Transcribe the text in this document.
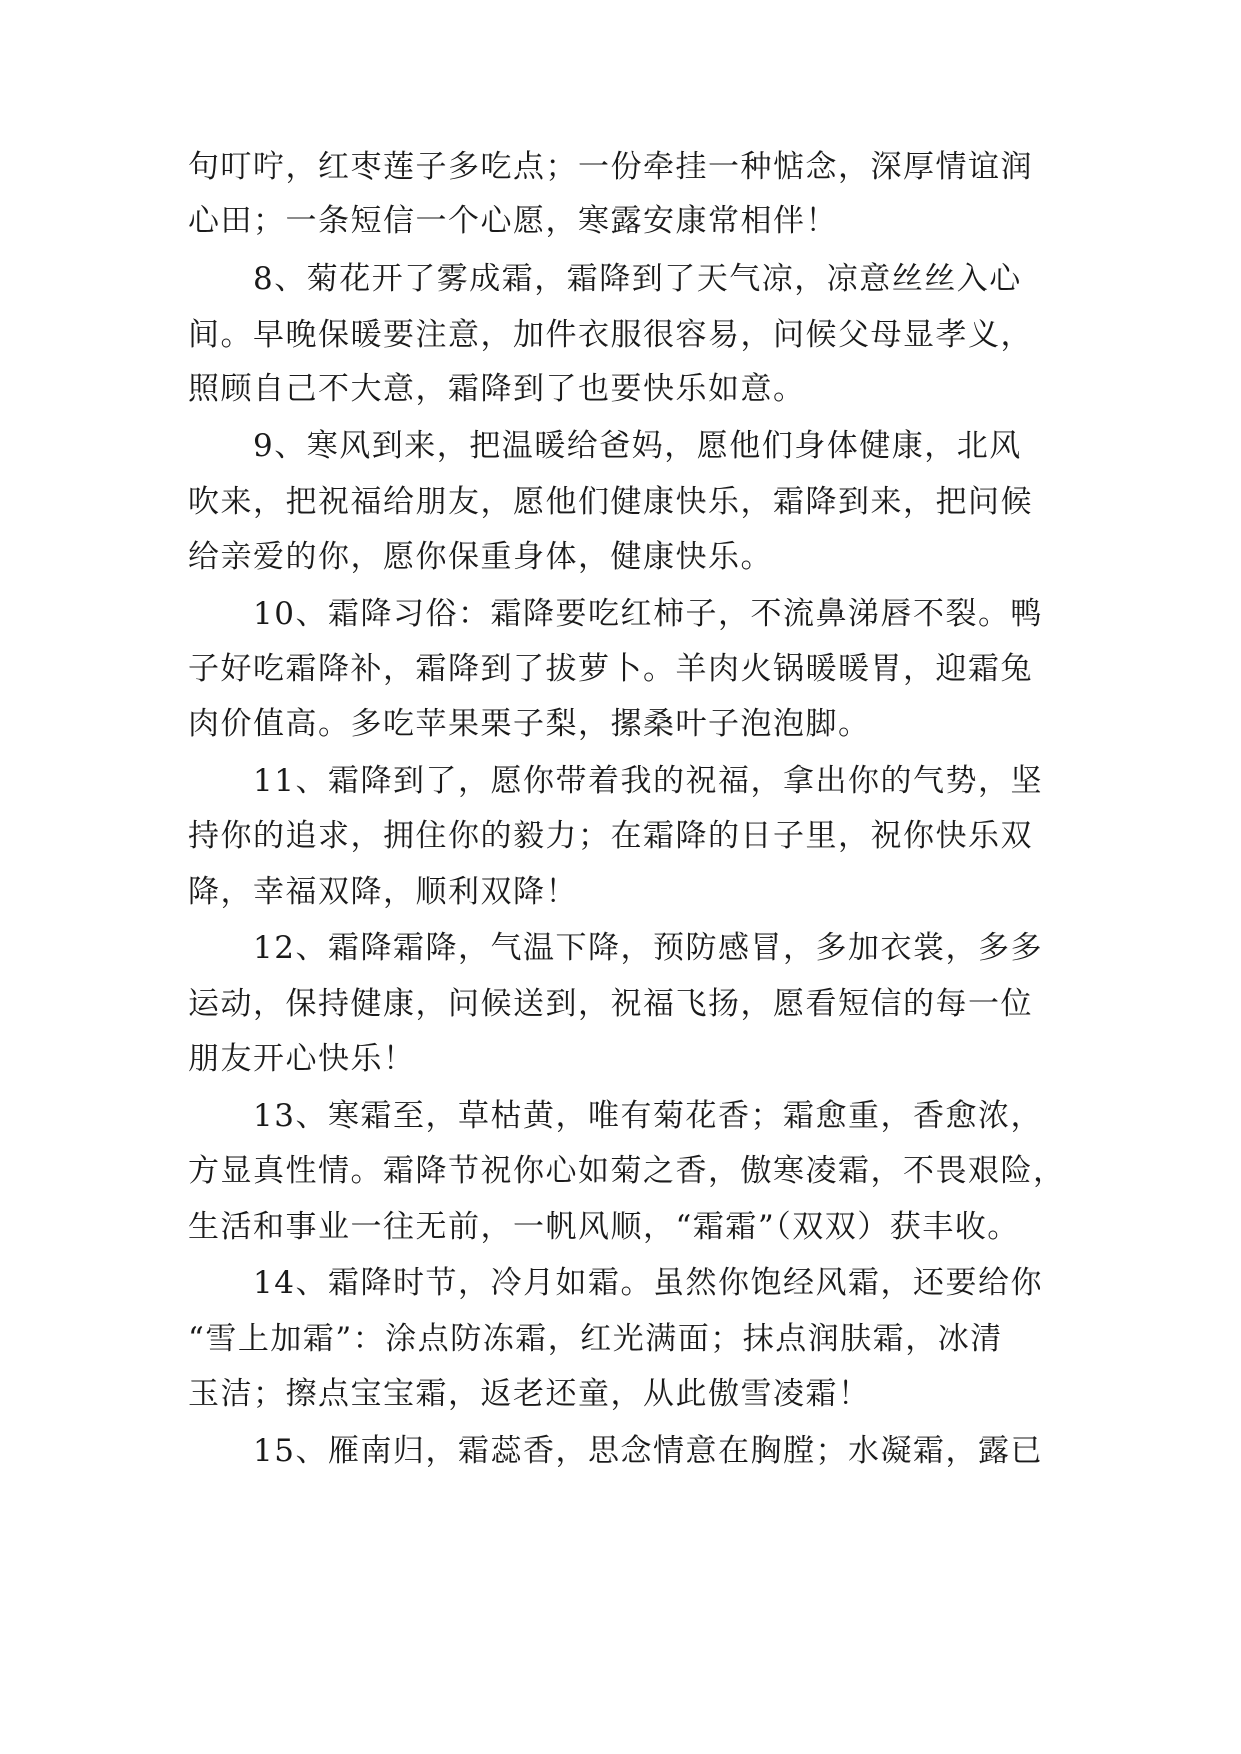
句叮咛，红枣莲子多吃点；一份牵挂一种惦念，深厚情谊润
心田；一条短信一个心愿，寒露安康常相伴！
8、菊花开了雾成霜，霜降到了天气凉，凉意丝丝入心
间。早晚保暖要注意，加件衣服很容易，问候父母显孝义，
照顾自己不大意，霜降到了也要快乐如意。
9、寒风到来，把温暖给爸妈，愿他们身体健康，北风
吹来，把祝福给朋友，愿他们健康快乐，霜降到来，把问候
给亲爱的你，愿你保重身体，健康快乐。
10、霜降习俗：霜降要吃红柿子，不流鼻涕唇不裂。鸭
子好吃霜降补，霜降到了拔萝卜。羊肉火锅暖暖胃，迎霜兔
肉价值高。多吃苹果栗子梨，摞桑叶子泡泡脚。
11、霜降到了，愿你带着我的祝福，拿出你的气势，坚
持你的追求，拥住你的毅力；在霜降的日子里，祝你快乐双
降，幸福双降，顺利双降！
12、霜降霜降，气温下降，预防感冒，多加衣裳，多多
运动，保持健康，问候送到，祝福飞扬，愿看短信的每一位
朋友开心快乐！
13、寒霜至，草枯黄，唯有菊花香；霜愈重，香愈浓，
方显真性情。霜降节祝你心如菊之香，傲寒凌霜，不畏艰险，
生活和事业一往无前，一帆风顺，“霜霜”（双双）获丰收。
14、霜降时节，冷月如霜。虽然你饱经风霜，还要给你
“雪上加霜”：涂点防冻霜，红光满面；抹点润肤霜，冰清
玉洁；擦点宝宝霜，返老还童，从此傲雪凌霜！
15、雁南归，霜蕊香，思念情意在胸膛；水凝霜，露已
